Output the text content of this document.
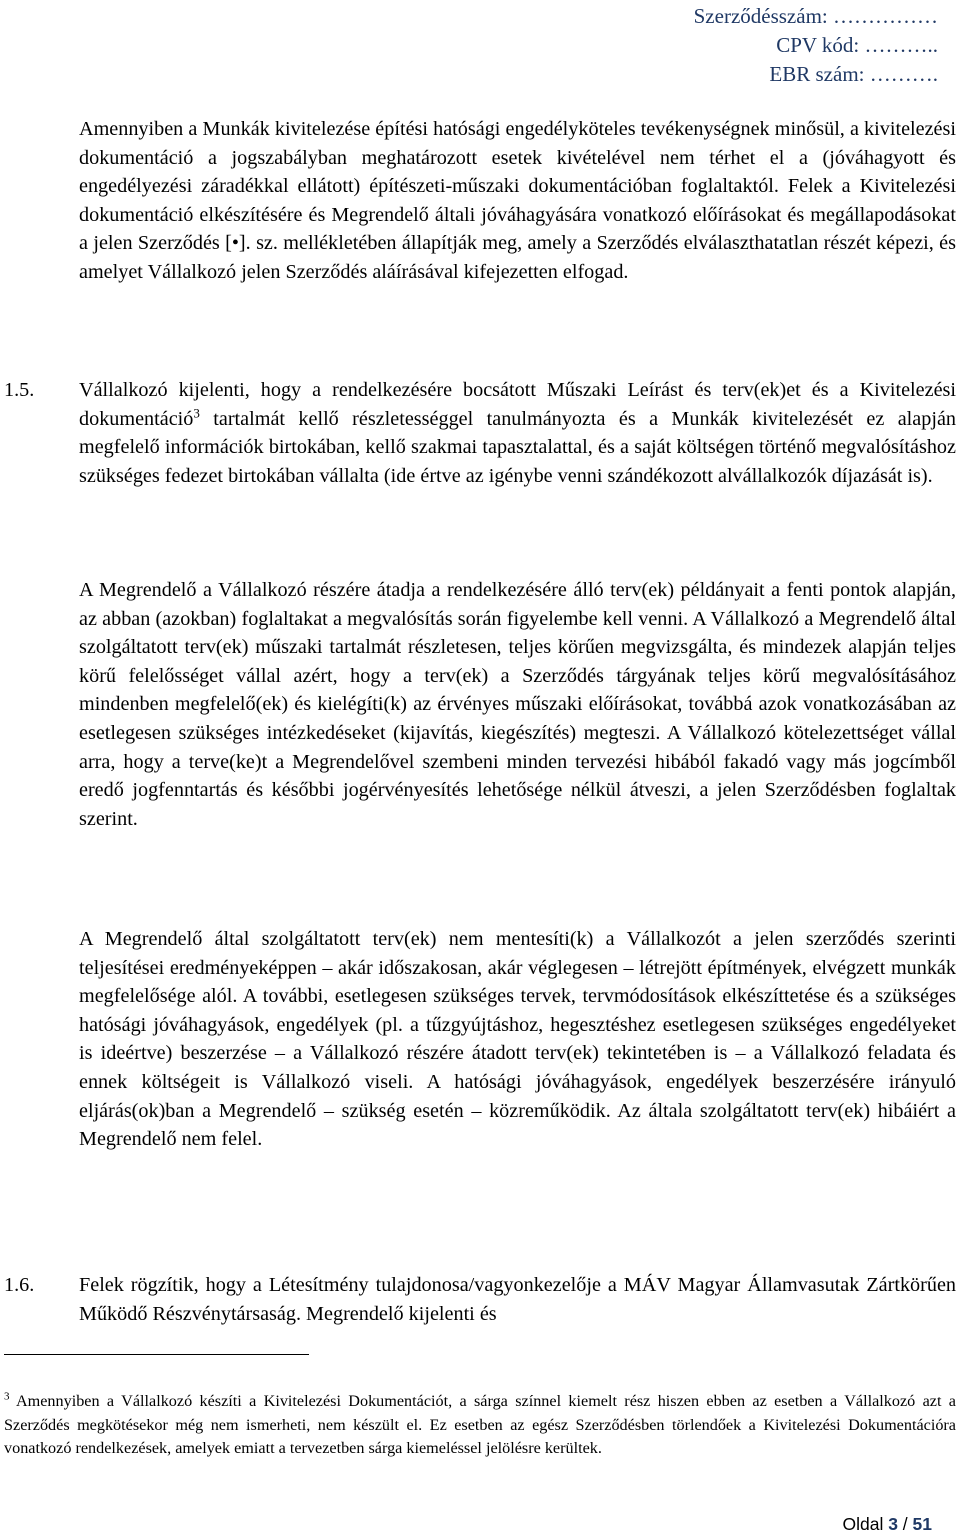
Szerződésszám: ……………
CPV kód: ………..
EBR szám: ……….
Amennyiben a Munkák kivitelezése építési hatósági engedélyköteles tevékenységnek minősül, a kivitelezési dokumentáció a jogszabályban meghatározott esetek kivételével nem térhet el a (jóváhagyott és engedélyezési záradékkal ellátott) építészeti-műszaki dokumentációban foglaltaktól. Felek a Kivitelezési dokumentáció elkészítésére és Megrendelő általi jóváhagyására vonatkozó előírásokat és megállapodásokat a jelen Szerződés [•]. sz. mellékletében állapítják meg, amely a Szerződés elválaszthatatlan részét képezi, és amelyet Vállalkozó jelen Szerződés aláírásával kifejezetten elfogad.
1.5. Vállalkozó kijelenti, hogy a rendelkezésére bocsátott Műszaki Leírást és terv(ek)et és a Kivitelezési dokumentáció$^3$ tartalmát kellő részletességgel tanulmányozta és a Munkák kivitelezését ez alapján megfelelő információk birtokában, kellő szakmai tapasztalattal, és a saját költségen történő megvalósításhoz szükséges fedezet birtokában vállalta (ide értve az igénybe venni szándékozott alvállalkozók díjazását is).
A Megrendelő a Vállalkozó részére átadja a rendelkezésére álló terv(ek) példányait a fenti pontok alapján, az abban (azokban) foglaltakat a megvalósítás során figyelembe kell venni. A Vállalkozó a Megrendelő által szolgáltatott terv(ek) műszaki tartalmát részletesen, teljes körűen megvizsgálta, és mindezek alapján teljes körű felelősséget vállal azért, hogy a terv(ek) a Szerződés tárgyának teljes körű megvalósításához mindenben megfelelő(ek) és kielégíti(k) az érvényes műszaki előírásokat, továbbá azok vonatkozásában az esetlegesen szükséges intézkedéseket (kijavítás, kiegészítés) megteszi. A Vállalkozó kötelezettséget vállal arra, hogy a terve(ke)t a Megrendelővel szembeni minden tervezési hibából fakadó vagy más jogcímből eredő jogfenntartás és későbbi jogérvényesítés lehetősége nélkül átveszi, a jelen Szerződésben foglaltak szerint.
A Megrendelő által szolgáltatott terv(ek) nem mentesíti(k) a Vállalkozót a jelen szerződés szerinti teljesítései eredményeképpen – akár időszakosan, akár véglegesen – létrejött építmények, elvégzett munkák megfelelősége alól. A további, esetlegesen szükséges tervek, tervmódosítások elkészíttetése és a szükséges hatósági jóváhagyások, engedélyek (pl. a tűzgyújtáshoz, hegesztéshez esetlegesen szükséges engedélyeket is ideértve) beszerzése – a Vállalkozó részére átadott terv(ek) tekintetében is – a Vállalkozó feladata és ennek költségeit is Vállalkozó viseli. A hatósági jóváhagyások, engedélyek beszerzésére irányuló eljárás(ok)ban a Megrendelő – szükség esetén – közreműködik. Az általa szolgáltatott terv(ek) hibáiért a Megrendelő nem felel.
1.6. Felek rögzítik, hogy a Létesítmény tulajdonosa/vagyonkezelője a MÁV Magyar Államvasutak Zártkörűen Működő Részvénytársaság. Megrendelő kijelenti és
$^3$ Amennyiben a Vállalkozó készíti a Kivitelezési Dokumentációt, a sárga színnel kiemelt rész hiszen ebben az esetben a Vállalkozó azt a Szerződés megkötésekor még nem ismerheti, nem készült el. Ez esetben az egész Szerződésben törlendőek a Kivitelezési Dokumentációra vonatkozó rendelkezések, amelyek emiatt a tervezetben sárga kiemeléssel jelölésre kerültek.
Oldal 3 / 51
